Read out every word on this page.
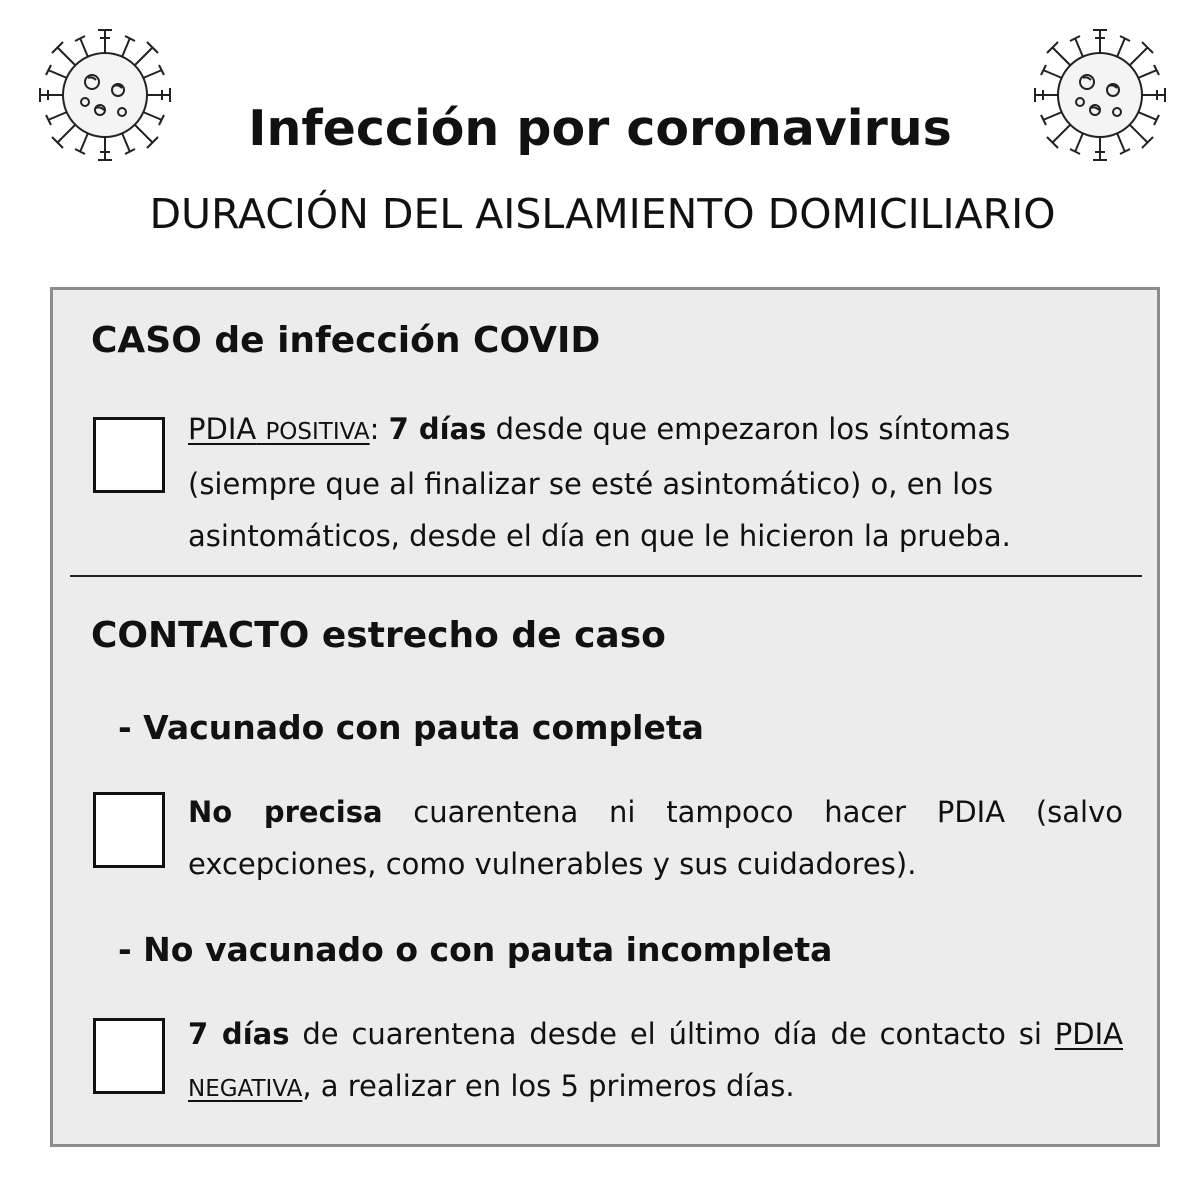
Infección por coronavirus
DURACIÓN DEL AISLAMIENTO DOMICILIARIO
CASO de infección COVID
PDIA POSITIVA: 7 días desde que empezaron los síntomas (siempre que al finalizar se esté asintomático) o, en los asintomáticos, desde el día en que le hicieron la prueba.
CONTACTO estrecho de caso
- Vacunado con pauta completa
No precisa cuarentena ni tampoco hacer PDIA (salvo excepciones, como vulnerables y sus cuidadores).
- No vacunado o con pauta incompleta
7 días de cuarentena desde el último día de contacto si PDIA NEGATIVA, a realizar en los 5 primeros días.
